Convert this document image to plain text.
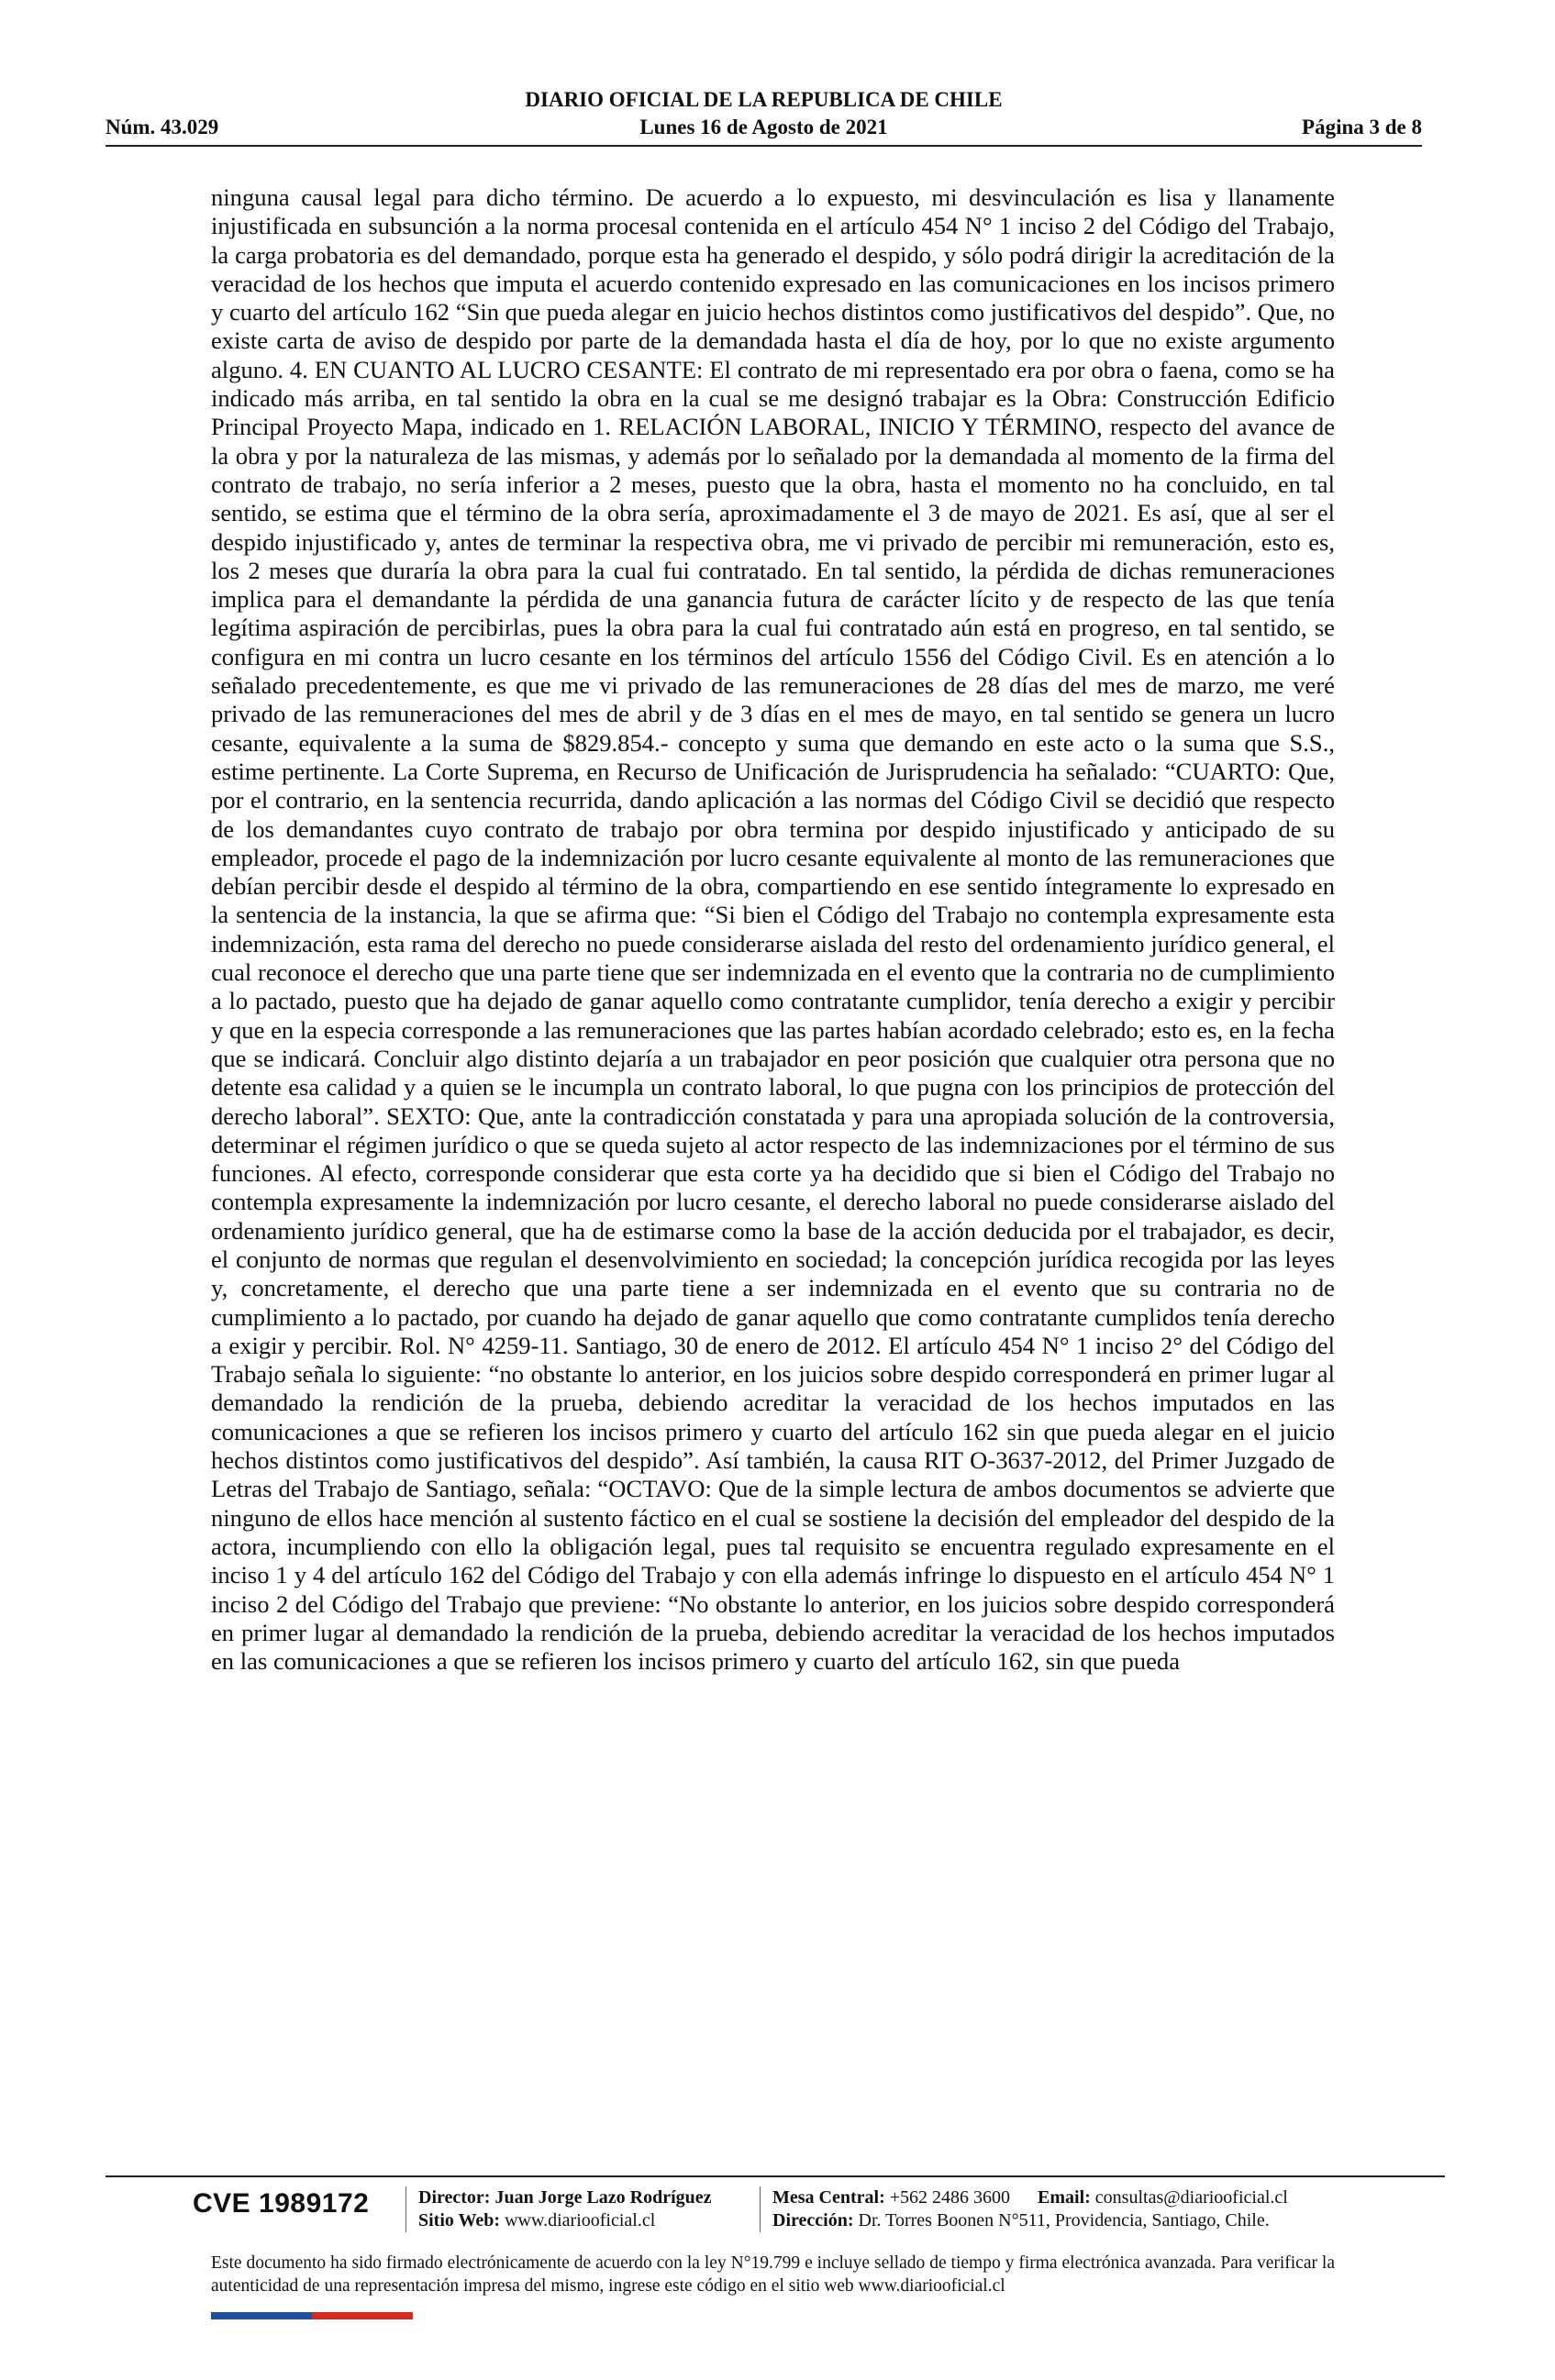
DIARIO OFICIAL DE LA REPUBLICA DE CHILE
Núm. 43.029	Lunes 16 de Agosto de 2021	Página 3 de 8
ninguna causal legal para dicho término. De acuerdo a lo expuesto, mi desvinculación es lisa y llanamente injustificada en subsunción a la norma procesal contenida en el artículo 454 N° 1 inciso 2 del Código del Trabajo, la carga probatoria es del demandado, porque esta ha generado el despido, y sólo podrá dirigir la acreditación de la veracidad de los hechos que imputa el acuerdo contenido expresado en las comunicaciones en los incisos primero y cuarto del artículo 162 “Sin que pueda alegar en juicio hechos distintos como justificativos del despido”. Que, no existe carta de aviso de despido por parte de la demandada hasta el día de hoy, por lo que no existe argumento alguno. 4. EN CUANTO AL LUCRO CESANTE: El contrato de mi representado era por obra o faena, como se ha indicado más arriba, en tal sentido la obra en la cual se me designó trabajar es la Obra: Construcción Edificio Principal Proyecto Mapa, indicado en 1. RELACIÓN LABORAL, INICIO Y TÉRMINO, respecto del avance de la obra y por la naturaleza de las mismas, y además por lo señalado por la demandada al momento de la firma del contrato de trabajo, no sería inferior a 2 meses, puesto que la obra, hasta el momento no ha concluido, en tal sentido, se estima que el término de la obra sería, aproximadamente el 3 de mayo de 2021. Es así, que al ser el despido injustificado y, antes de terminar la respectiva obra, me vi privado de percibir mi remuneración, esto es, los 2 meses que duraría la obra para la cual fui contratado. En tal sentido, la pérdida de dichas remuneraciones implica para el demandante la pérdida de una ganancia futura de carácter lícito y de respecto de las que tenía legítima aspiración de percibirlas, pues la obra para la cual fui contratado aún está en progreso, en tal sentido, se configura en mi contra un lucro cesante en los términos del artículo 1556 del Código Civil. Es en atención a lo señalado precedentemente, es que me vi privado de las remuneraciones de 28 días del mes de marzo, me veré privado de las remuneraciones del mes de abril y de 3 días en el mes de mayo, en tal sentido se genera un lucro cesante, equivalente a la suma de $829.854.- concepto y suma que demando en este acto o la suma que S.S., estime pertinente. La Corte Suprema, en Recurso de Unificación de Jurisprudencia ha señalado: “CUARTO: Que, por el contrario, en la sentencia recurrida, dando aplicación a las normas del Código Civil se decidió que respecto de los demandantes cuyo contrato de trabajo por obra termina por despido injustificado y anticipado de su empleador, procede el pago de la indemnización por lucro cesante equivalente al monto de las remuneraciones que debían percibir desde el despido al término de la obra, compartiendo en ese sentido íntegramente lo expresado en la sentencia de la instancia, la que se afirma que: “Si bien el Código del Trabajo no contempla expresamente esta indemnización, esta rama del derecho no puede considerarse aislada del resto del ordenamiento jurídico general, el cual reconoce el derecho que una parte tiene que ser indemnizada en el evento que la contraria no de cumplimiento a lo pactado, puesto que ha dejado de ganar aquello como contratante cumplidor, tenía derecho a exigir y percibir y que en la especia corresponde a las remuneraciones que las partes habían acordado celebrado; esto es, en la fecha que se indicará. Concluir algo distinto dejaría a un trabajador en peor posición que cualquier otra persona que no detente esa calidad y a quien se le incumpla un contrato laboral, lo que pugna con los principios de protección del derecho laboral”. SEXTO: Que, ante la contradicción constatada y para una apropiada solución de la controversia, determinar el régimen jurídico o que se queda sujeto al actor respecto de las indemnizaciones por el término de sus funciones. Al efecto, corresponde considerar que esta corte ya ha decidido que si bien el Código del Trabajo no contempla expresamente la indemnización por lucro cesante, el derecho laboral no puede considerarse aislado del ordenamiento jurídico general, que ha de estimarse como la base de la acción deducida por el trabajador, es decir, el conjunto de normas que regulan el desenvolvimiento en sociedad; la concepción jurídica recogida por las leyes y, concretamente, el derecho que una parte tiene a ser indemnizada en el evento que su contraria no de cumplimiento a lo pactado, por cuando ha dejado de ganar aquello que como contratante cumplidos tenía derecho a exigir y percibir. Rol. N° 4259-11. Santiago, 30 de enero de 2012. El artículo 454 N° 1 inciso 2° del Código del Trabajo señala lo siguiente: “no obstante lo anterior, en los juicios sobre despido corresponderá en primer lugar al demandado la rendición de la prueba, debiendo acreditar la veracidad de los hechos imputados en las comunicaciones a que se refieren los incisos primero y cuarto del artículo 162 sin que pueda alegar en el juicio hechos distintos como justificativos del despido”. Así también, la causa RIT O-3637-2012, del Primer Juzgado de Letras del Trabajo de Santiago, señala: “OCTAVO: Que de la simple lectura de ambos documentos se advierte que ninguno de ellos hace mención al sustento fáctico en el cual se sostiene la decisión del empleador del despido de la actora, incumpliendo con ello la obligación legal, pues tal requisito se encuentra regulado expresamente en el inciso 1 y 4 del artículo 162 del Código del Trabajo y con ella además infringe lo dispuesto en el artículo 454 N° 1 inciso 2 del Código del Trabajo que previene: “No obstante lo anterior, en los juicios sobre despido corresponderá en primer lugar al demandado la rendición de la prueba, debiendo acreditar la veracidad de los hechos imputados en las comunicaciones a que se refieren los incisos primero y cuarto del artículo 162, sin que pueda
CVE 1989172	Director: Juan Jorge Lazo Rodríguez
Sitio Web: www.diariooficial.cl
Mesa Central: +562 2486 3600 Email: consultas@diariooficial.cl
Dirección: Dr. Torres Boonen N°511, Providencia, Santiago, Chile.
Este documento ha sido firmado electrónicamente de acuerdo con la ley N°19.799 e incluye sellado de tiempo y firma electrónica avanzada. Para verificar la autenticidad de una representación impresa del mismo, ingrese este código en el sitio web www.diariooficial.cl
